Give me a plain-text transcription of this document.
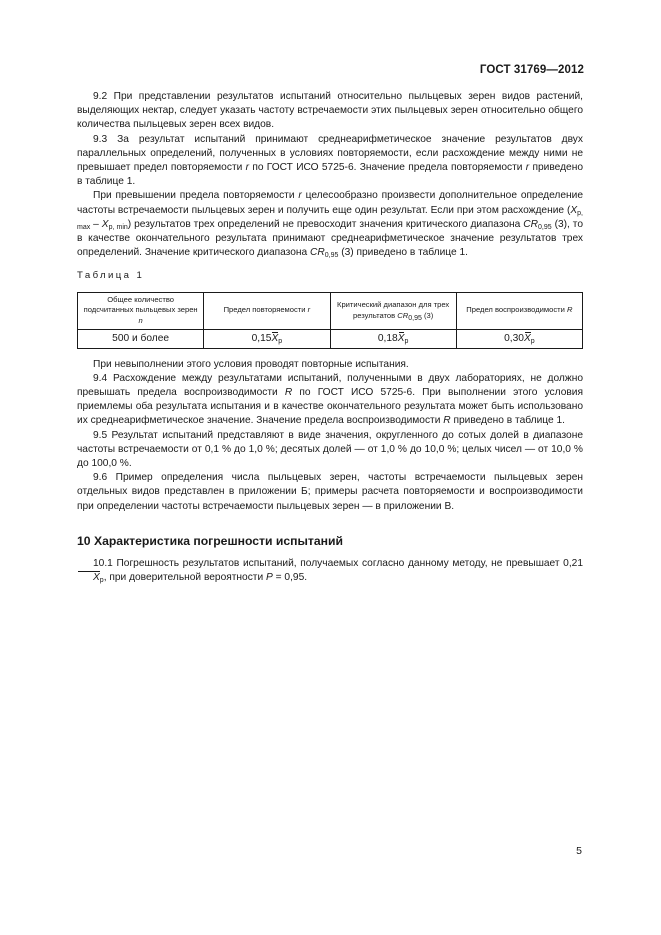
ГОСТ 31769—2012

9.2 При представлении результатов испытаний относительно пыльцевых зерен видов растений, выделяющих нектар, следует указать частоту встречаемости этих пыльцевых зерен относительно общего количества пыльцевых зерен всех видов.

9.3 За результат испытаний принимают среднеарифметическое значение результатов двух параллельных определений, полученных в условиях повторяемости, если расхождение между ними не превышает предел повторяемости r по ГОСТ ИСО 5725-6. Значение предела повторяемости r приведено в таблице 1.

При превышении предела повторяемости r целесообразно произвести дополнительное определение частоты встречаемости пыльцевых зерен и получить еще один результат. Если при этом расхождение $(X_{p, max} - X_{p, min})$ результатов трех определений не превосходит значения критического диапазона $CR_{0,95}$ (3), то в качестве окончательного результата принимают среднеарифметическое значение результатов трех определений. Значение критического диапазона $CR_{0,95}$ (3) приведено в таблице 1.

Таблица 1
Общее количество подсчитанных пыльцевых зерен n	Предел повторяемости r	Критический диапазон для трех результатов CR0,95 (3)	Предел воспроизводимости R
500 и более	$0,15X_р$	$0,18X_р$	$0,30X_р$

При невыполнении этого условия проводят повторные испытания.

9.4 Расхождение между результатами испытаний, полученными в двух лабораториях, не должно превышать предела воспроизводимости R по ГОСТ ИСО 5725-6. При выполнении этого условия приемлемы оба результата испытания и в качестве окончательного результата может быть использовано их среднеарифметическое значение. Значение предела воспроизводимости R приведено в таблице 1.

9.5 Результат испытаний представляют в виде значения, округленного до сотых долей в диапазоне частоты встречаемости от 0,1 % до 1,0 %; десятых долей — от 1,0 % до 10,0 %; целых чисел — от 10,0 % до 100,0 %.

9.6 Пример определения числа пыльцевых зерен, частоты встречаемости пыльцевых зерен отдельных видов представлен в приложении Б; примеры расчета повторяемости и воспроизводимости при определении частоты встречаемости пыльцевых зерен — в приложении В.

10 Характеристика погрешности испытаний

10.1 Погрешность результатов испытаний, получаемых согласно данному методу, не превышает $0,21X_р$, при доверительной вероятности P = 0,95.

5
